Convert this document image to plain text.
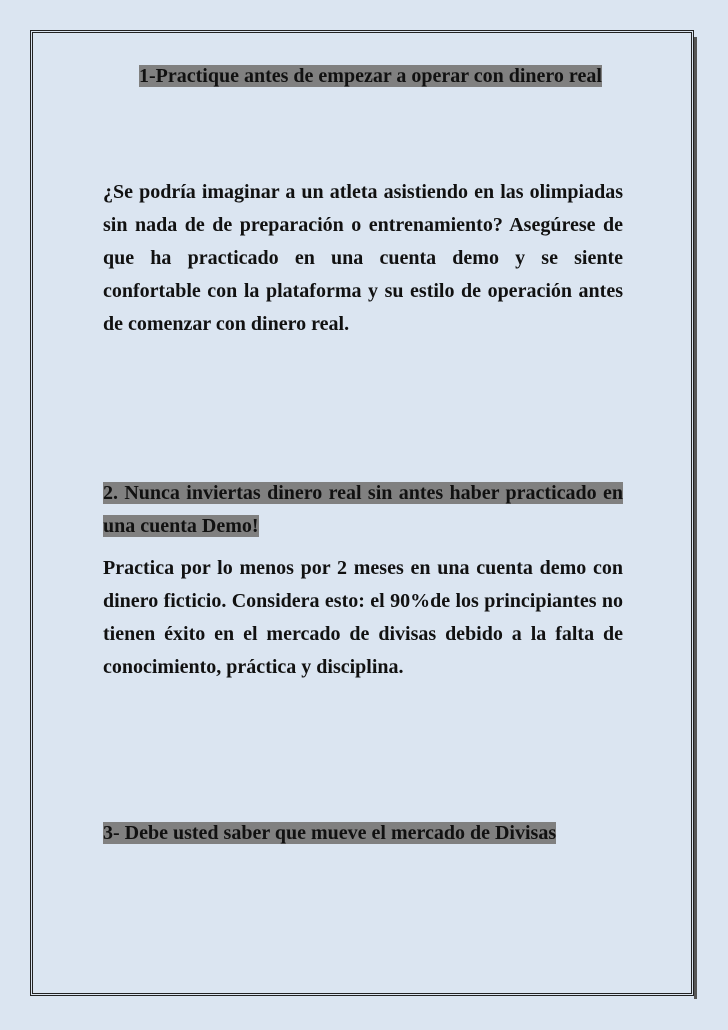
1-Practique antes de empezar a operar con dinero real
¿Se podría imaginar a un atleta asistiendo en las olimpiadas sin nada de de preparación o entrenamiento? Asegúrese de que ha practicado en una cuenta demo y se siente confortable con la plataforma y su estilo de operación antes de comenzar con dinero real.
2. Nunca inviertas dinero real sin antes haber practicado en una cuenta Demo!
Practica por lo menos por 2 meses en una cuenta demo con dinero ficticio. Considera esto: el 90%de los principiantes no tienen éxito en el mercado de divisas debido a la falta de conocimiento, práctica y disciplina.
3- Debe usted saber que mueve el mercado de Divisas
